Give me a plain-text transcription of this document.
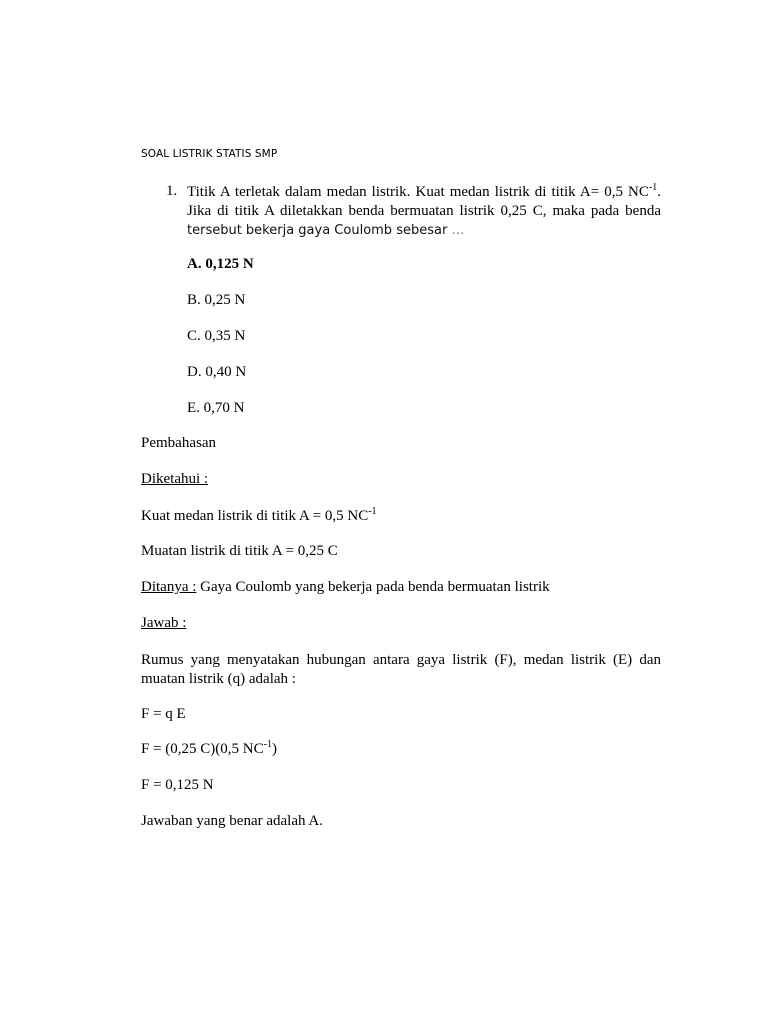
SOAL LISTRIK STATIS SMP
1. Titik A terletak dalam medan listrik. Kuat medan listrik di titik A= 0,5 $NC^{-1}$.
Jika di titik A diletakkan benda bermuatan listrik 0,25 C, maka pada benda
tersebut bekerja gaya Coulomb sebesar …
A. 0,125 N
B. 0,25 N
C. 0,35 N
D. 0,40 N
E. 0,70 N
Pembahasan
Diketahui :
Kuat medan listrik di titik A = 0,5 $NC^{-1}$
Muatan listrik di titik A = 0,25 C
Ditanya : Gaya Coulomb yang bekerja pada benda bermuatan listrik
Jawab :
Rumus yang menyatakan hubungan antara gaya listrik (F), medan listrik (E) dan muatan listrik (q) adalah :
F = q E
F = (0,25 C)(0,5 $NC^{-1}$)
F = 0,125 N
Jawaban yang benar adalah A.
